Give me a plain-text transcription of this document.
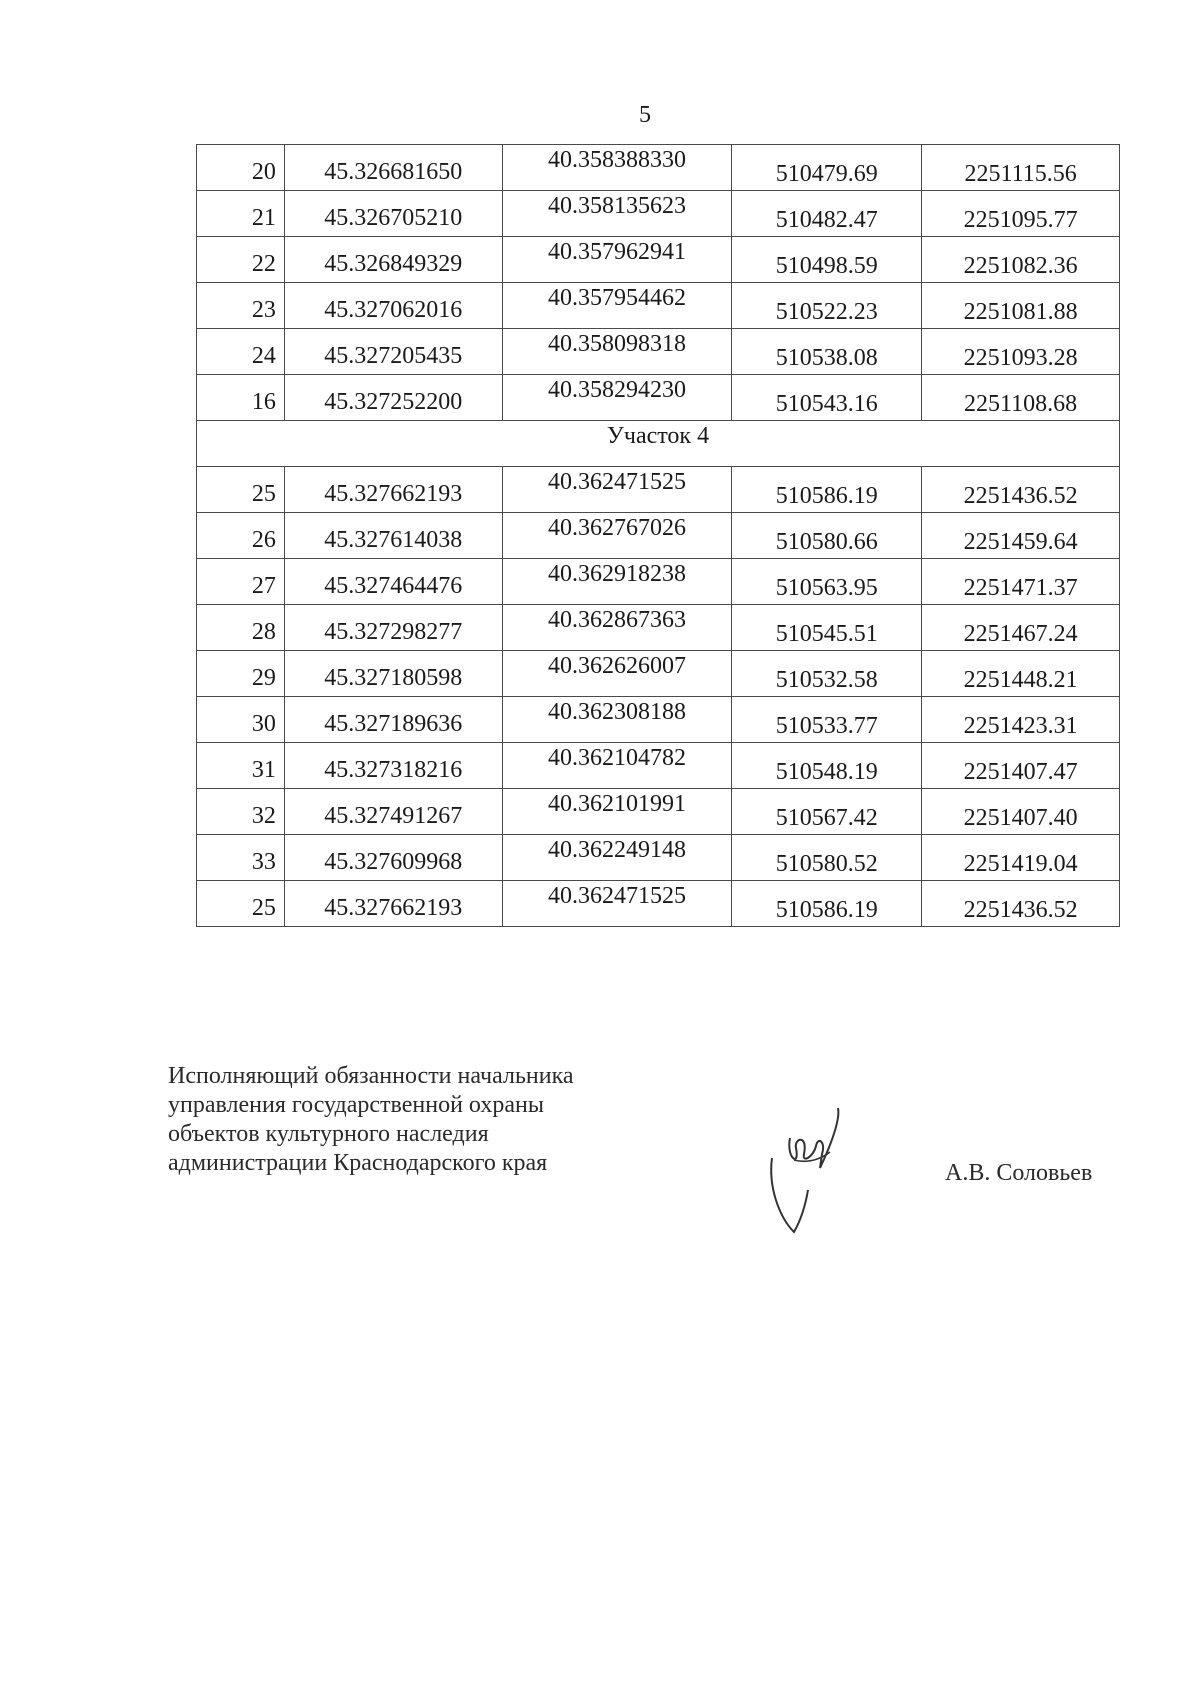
5
20	45.326681650	40.358388330	510479.69	2251115.56
21	45.326705210	40.358135623	510482.47	2251095.77
22	45.326849329	40.357962941	510498.59	2251082.36
23	45.327062016	40.357954462	510522.23	2251081.88
24	45.327205435	40.358098318	510538.08	2251093.28
16	45.327252200	40.358294230	510543.16	2251108.68
Участок 4				
25	45.327662193	40.362471525	510586.19	2251436.52
26	45.327614038	40.362767026	510580.66	2251459.64
27	45.327464476	40.362918238	510563.95	2251471.37
28	45.327298277	40.362867363	510545.51	2251467.24
29	45.327180598	40.362626007	510532.58	2251448.21
30	45.327189636	40.362308188	510533.77	2251423.31
31	45.327318216	40.362104782	510548.19	2251407.47
32	45.327491267	40.362101991	510567.42	2251407.40
33	45.327609968	40.362249148	510580.52	2251419.04
25	45.327662193	40.362471525	510586.19	2251436.52
Исполняющий обязанности начальника
управления государственной охраны
объектов культурного наследия
администрации Краснодарского края	А.В. Соловьев
